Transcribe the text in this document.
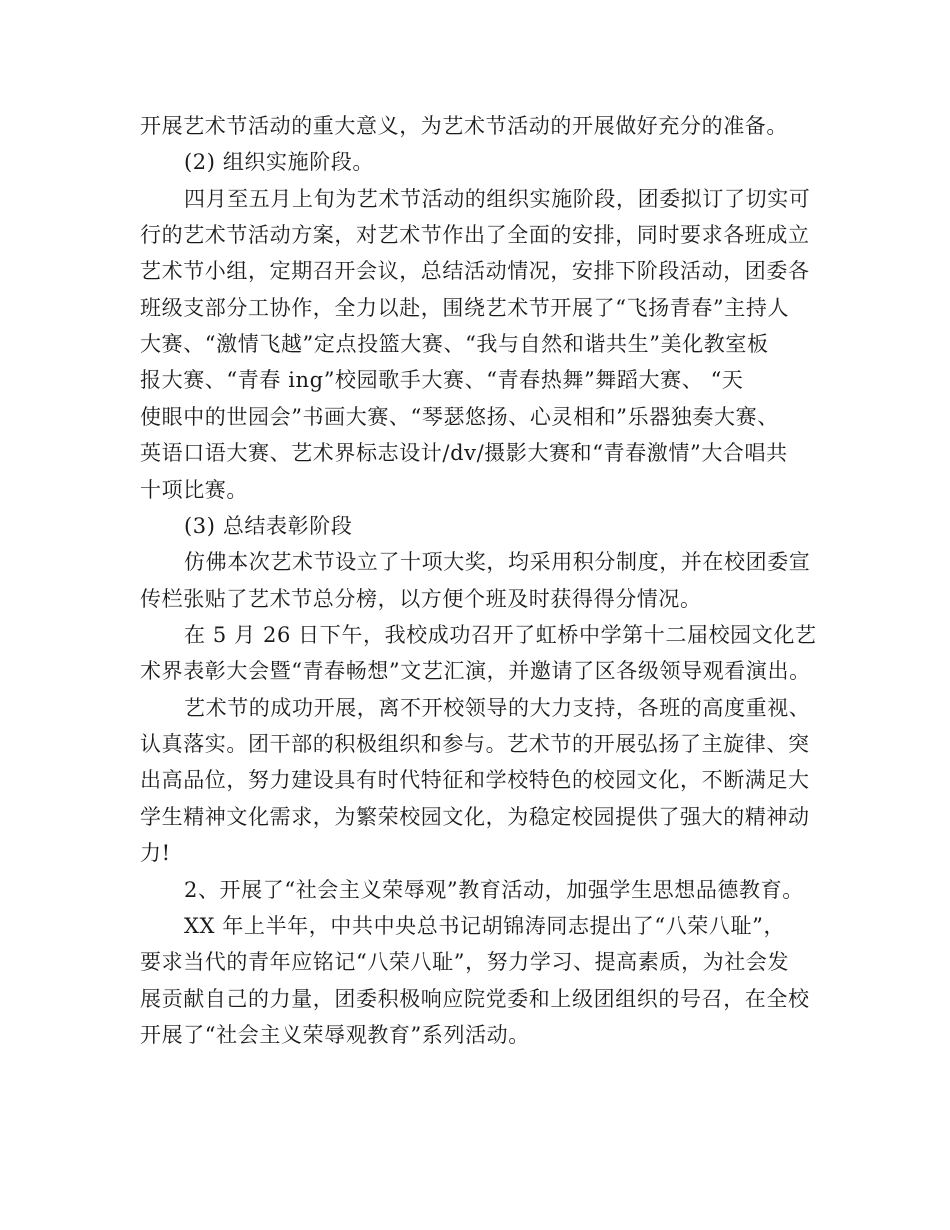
开展艺术节活动的重大意义，为艺术节活动的开展做好充分的准备。
(2) 组织实施阶段。
四月至五月上旬为艺术节活动的组织实施阶段，团委拟订了切实可
行的艺术节活动方案，对艺术节作出了全面的安排，同时要求各班成立
艺术节小组，定期召开会议，总结活动情况，安排下阶段活动，团委各
班级支部分工协作，全力以赴，围绕艺术节开展了“飞扬青春”主持人
大赛、“激情飞越”定点投篮大赛、“我与自然和谐共生”美化教室板
报大赛、“青春 ing”校园歌手大赛、“青春热舞”舞蹈大赛、 “天
使眼中的世园会”书画大赛、“琴瑟悠扬、心灵相和”乐器独奏大赛、
英语口语大赛、艺术界标志设计/dv/摄影大赛和“青春激情”大合唱共
十项比赛。
(3) 总结表彰阶段
仿佛本次艺术节设立了十项大奖，均采用积分制度，并在校团委宣
传栏张贴了艺术节总分榜，以方便个班及时获得得分情况。
在 5 月 26 日下午，我校成功召开了虹桥中学第十二届校园文化艺
术界表彰大会暨“青春畅想”文艺汇演，并邀请了区各级领导观看演出。
艺术节的成功开展，离不开校领导的大力支持，各班的高度重视、
认真落实。团干部的积极组织和参与。艺术节的开展弘扬了主旋律、突
出高品位，努力建设具有时代特征和学校特色的校园文化，不断满足大
学生精神文化需求，为繁荣校园文化，为稳定校园提供了强大的精神动
力!
2、开展了“社会主义荣辱观”教育活动，加强学生思想品德教育。
XX 年上半年，中共中央总书记胡锦涛同志提出了“八荣八耻”，
要求当代的青年应铭记“八荣八耻”，努力学习、提高素质，为社会发
展贡献自己的力量，团委积极响应院党委和上级团组织的号召，在全校
开展了“社会主义荣辱观教育”系列活动。
